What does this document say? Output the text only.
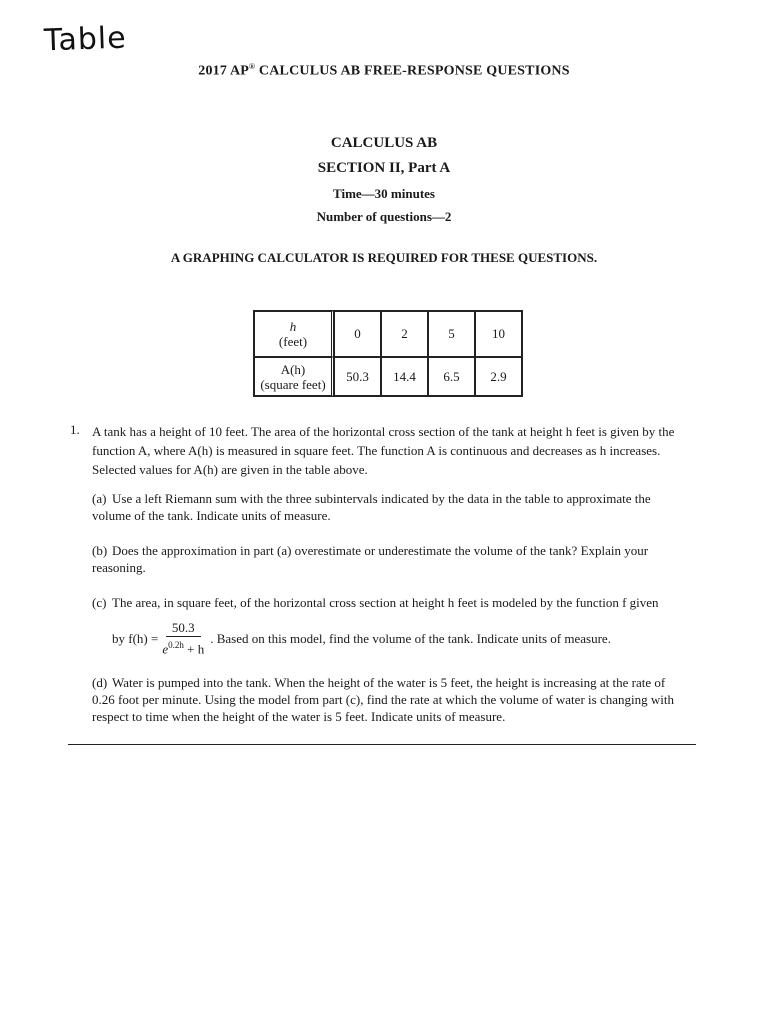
Table
2017 AP® CALCULUS AB FREE-RESPONSE QUESTIONS
CALCULUS AB
SECTION II, Part A
Time—30 minutes
Number of questions—2
A GRAPHING CALCULATOR IS REQUIRED FOR THESE QUESTIONS.
h
(feet)	0	2	5	10
A(h)
(square feet)	50.3	14.4	6.5	2.9
1. A tank has a height of 10 feet. The area of the horizontal cross section of the tank at height h feet is given by the function A, where A(h) is measured in square feet. The function A is continuous and decreases as h increases. Selected values for A(h) are given in the table above.
(a) Use a left Riemann sum with the three subintervals indicated by the data in the table to approximate the volume of the tank. Indicate units of measure.
(b) Does the approximation in part (a) overestimate or underestimate the volume of the tank? Explain your reasoning.
(c) The area, in square feet, of the horizontal cross section at height h feet is modeled by the function f given
by $f(h) = \frac{50.3}{e^{0.2h} + h}$ . Based on this model, find the volume of the tank. Indicate units of measure.
(d) Water is pumped into the tank. When the height of the water is 5 feet, the height is increasing at the rate of 0.26 foot per minute. Using the model from part (c), find the rate at which the volume of water is changing with respect to time when the height of the water is 5 feet. Indicate units of measure.
